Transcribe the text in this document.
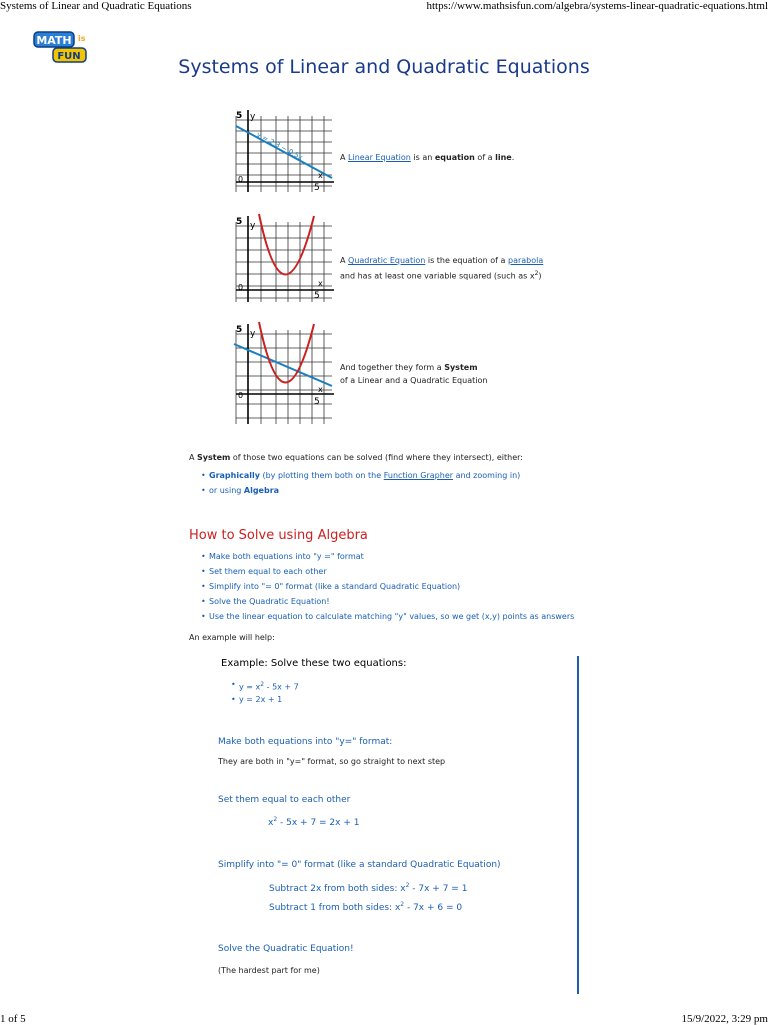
Systems of Linear and Quadratic Equations	https://www.mathsisfun.com/algebra/systems-linear-quadratic-equations.html
1 of 5	15/9/2022, 3:29 pm
MATH is
FUN	Systems of Linear and Quadratic Equations
y = 2.3 − 0.5x
5 y
0	x
5
A Linear Equation is an equation of a line.
5 y
0	x
5
A Quadratic Equation is the equation of a parabola
and has at least one variable squared (such as $x^2$)
5 y
0
x
5
And together they form a System
of a Linear and a Quadratic Equation
A System of those two equations can be solved (find where they intersect), either:
• Graphically (by plotting them both on the Function Grapher and zooming in)
• or using Algebra
How to Solve using Algebra
• Make both equations into "y =" format
• Set them equal to each other
• Simplify into "= 0" format (like a standard Quadratic Equation)
• Solve the Quadratic Equation!
• Use the linear equation to calculate matching "y" values, so we get (x,y) points as answers
An example will help:
Example: Solve these two equations:
• $y = x^2 - 5x + 7$
• y = 2x + 1
Make both equations into "y=" format:
They are both in "y=" format, so go straight to next step
Set them equal to each other
$x^2 - 5x + 7 = 2x + 1$
Simplify into "= 0" format (like a standard Quadratic Equation)
Subtract 2x from both sides: $x^2 - 7x + 7 = 1$
Subtract 1 from both sides: $x^2 - 7x + 6 = 0$
Solve the Quadratic Equation!
(The hardest part for me)
